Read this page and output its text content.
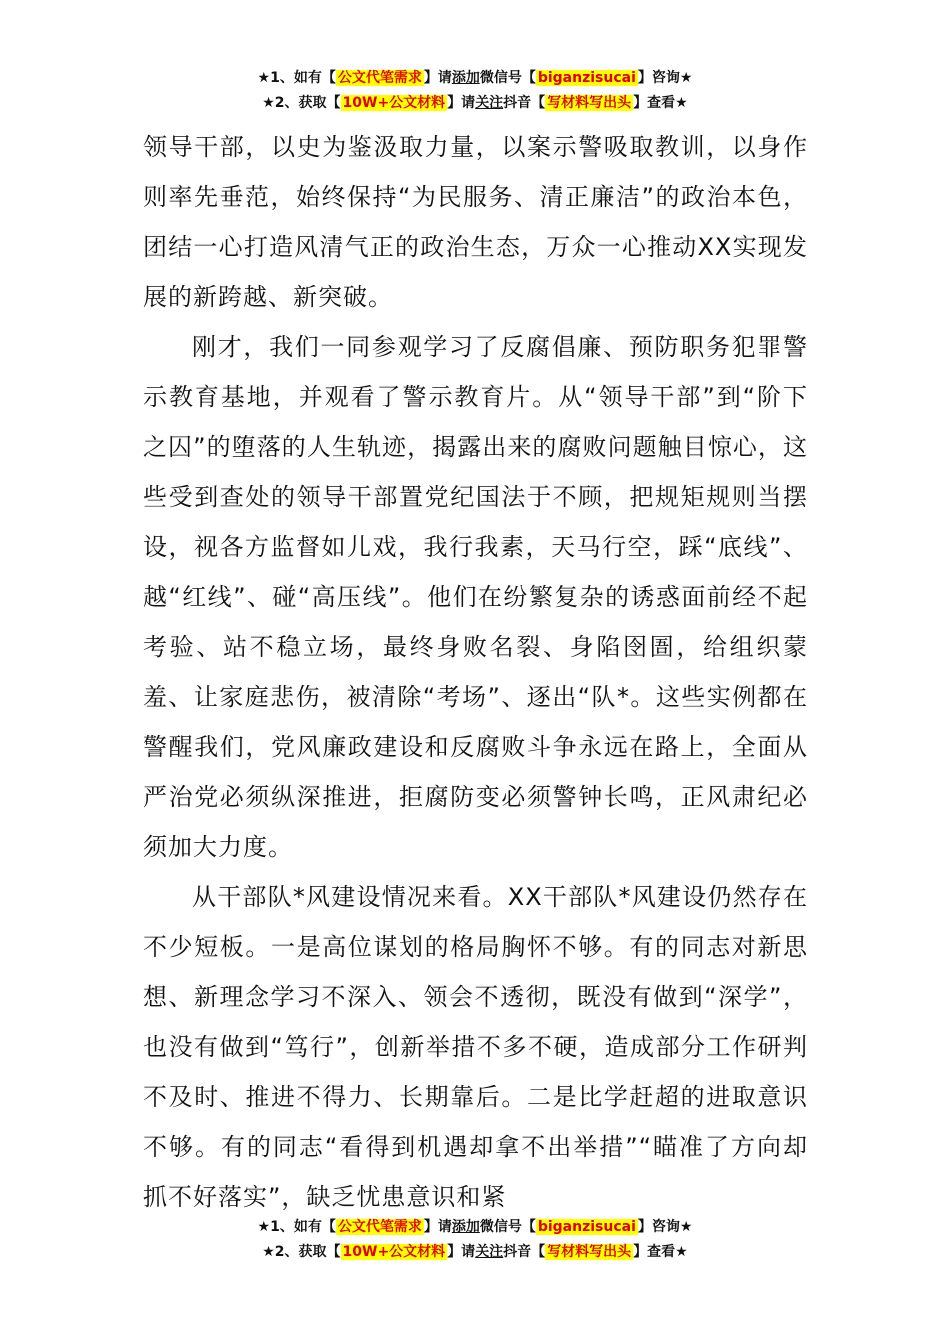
★1、如有【 公文代笔需求 】请添加微信号【 biganzisucai 】咨询★
★2、获取【 10W+公文材料 】请关注抖音【 写材料写出头 】查看★

领导干部，以史为鉴汲取力量，以案示警吸取教训，以身作则率先垂范，始终保持“为民服务、清正廉洁”的政治本色，团结一心打造风清气正的政治生态，万众一心推动XX实现发展的新跨越、新突破。

刚才，我们一同参观学习了反腐倡廉、预防职务犯罪警示教育基地，并观看了警示教育片。从“领导干部”到“阶下之囚”的堕落的人生轨迹，揭露出来的腐败问题触目惊心，这些受到查处的领导干部置党纪国法于不顾，把规矩规则当摆设，视各方监督如儿戏，我行我素，天马行空，踩“底线”、越“红线”、碰“高压线”。他们在纷繁复杂的诱惑面前经不起考验、站不稳立场，最终身败名裂、身陷囹圄，给组织蒙羞、让家庭悲伤，被清除“考场”、逐出“队*。这些实例都在警醒我们，党风廉政建设和反腐败斗争永远在路上，全面从严治党必须纵深推进，拒腐防变必须警钟长鸣，正风肃纪必须加大力度。

从干部队*风建设情况来看。XX干部队*风建设仍然存在不少短板。一是高位谋划的格局胸怀不够。有的同志对新思想、新理念学习不深入、领会不透彻，既没有做到“深学”，也没有做到“笃行”，创新举措不多不硬，造成部分工作研判不及时、推进不得力、长期靠后。二是比学赶超的进取意识不够。有的同志“看得到机遇却拿不出举措”“瞄准了方向却抓不好落实”，缺乏忧患意识和紧

★1、如有【 公文代笔需求 】请添加微信号【 biganzisucai 】咨询★
★2、获取【 10W+公文材料 】请关注抖音【 写材料写出头 】查看★
